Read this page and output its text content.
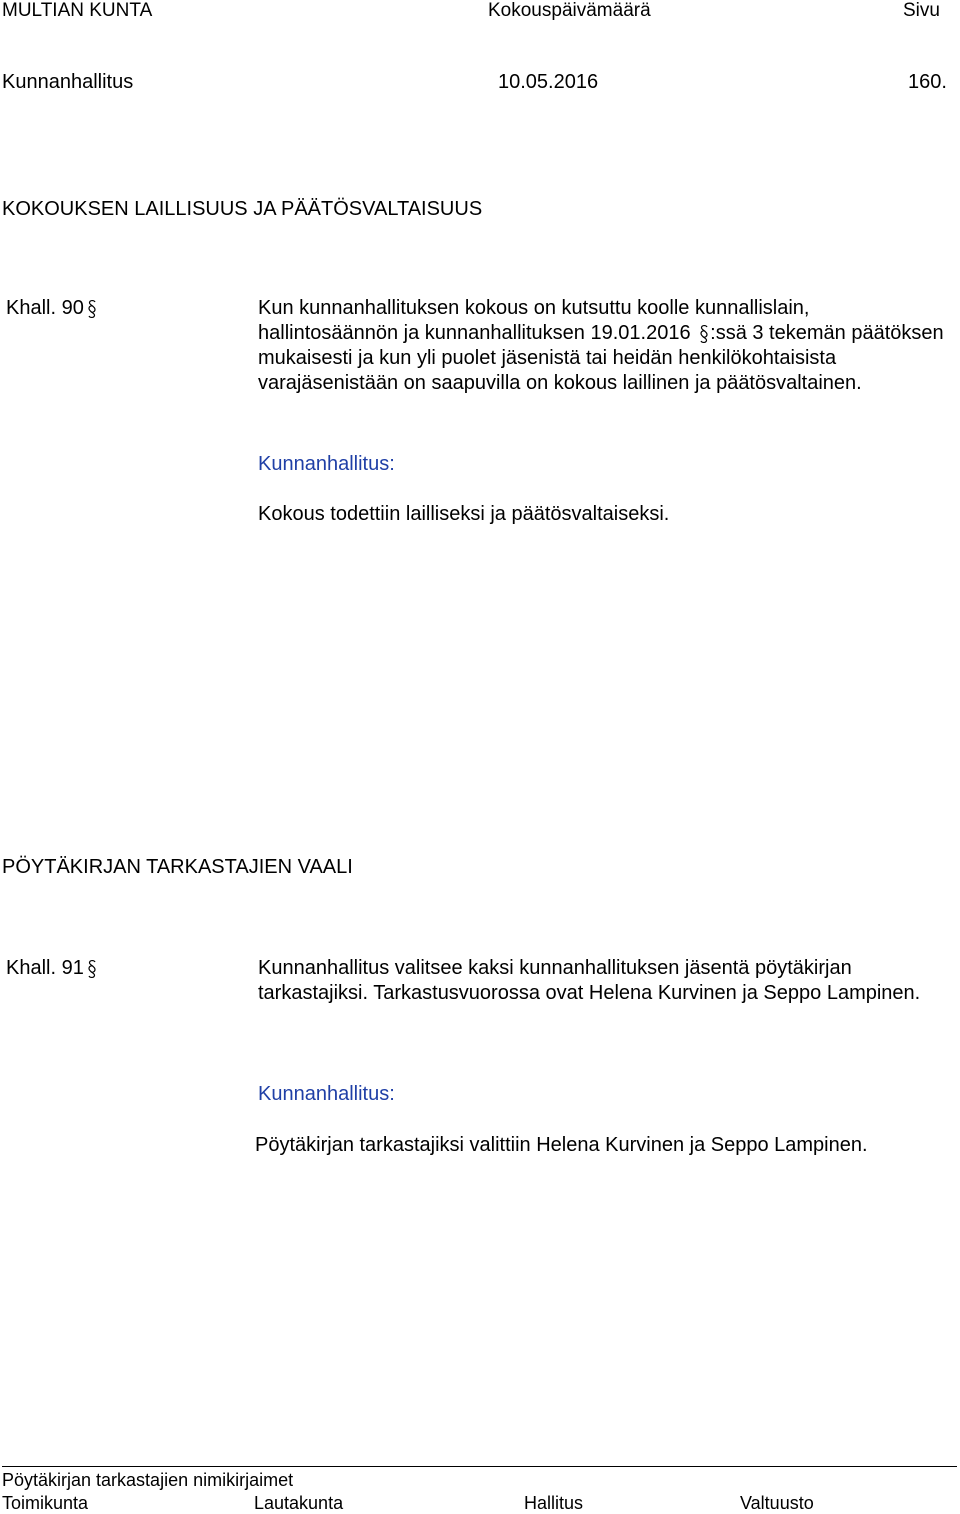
MULTIAN KUNTA	Kokouspäivämäärä	Sivu
Kunnanhallitus	10.05.2016	160.
KOKOUKSEN LAILLISUUS JA PÄÄTÖSVALTAISUUS
Khall. 90	Kun kunnanhallituksen kokous on kutsuttu koolle kunnallislain, hallintosäännön ja kunnanhallituksen 19.01.2016 :ssä 3 tekemän päätöksen mukaisesti ja kun yli puolet jäsenistä tai heidän henkilökohtaisista varajäsenistään on saapuvilla on kokous laillinen ja päätösvaltainen.

Kunnanhallitus:
Kokous todettiin lailliseksi ja päätösvaltaiseksi.
PÖYTÄKIRJAN TARKASTAJIEN VAALI
Khall. 91	Kunnanhallitus valitsee kaksi kunnanhallituksen jäsentä pöytäkirjan tarkastajiksi. Tarkastusvuorossa ovat Helena Kurvinen ja Seppo Lampinen.

Kunnanhallitus:
Pöytäkirjan tarkastajiksi valittiin Helena Kurvinen ja Seppo Lampinen.
Pöytäkirjan tarkastajien nimikirjaimet
Toimikunta	Lautakunta	Hallitus	Valtuusto
